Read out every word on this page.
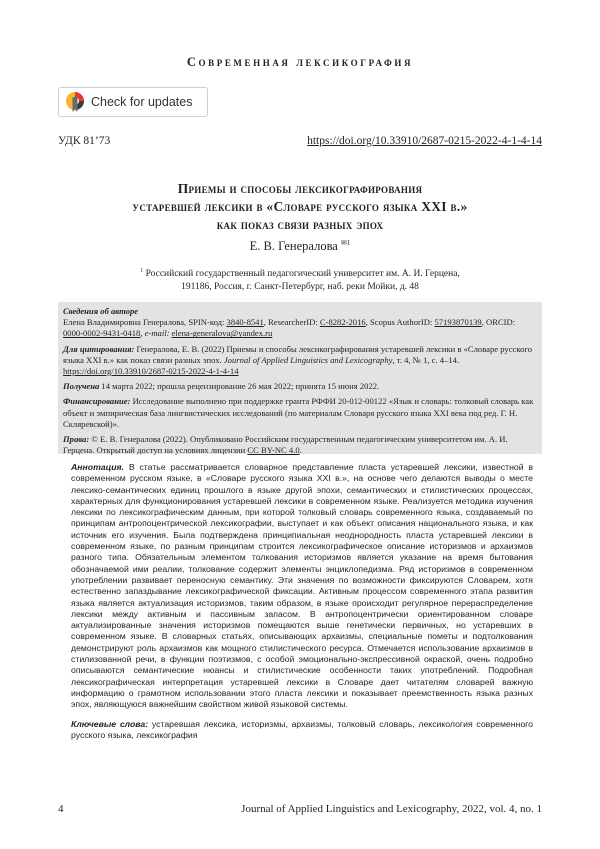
Современная лексикография
Check for updates
УДК 81’73	https://doi.org/10.33910/2687-0215-2022-4-1-4-14
Приемы и способы лексикографирования
устаревшей лексики в «Словаре русского языка XXI в.»
как показ связи разных эпох
Е. В. Генералова $^{✉1}$
$^1$ Российский государственный педагогический университет им. А. И. Герцена,
191186, Россия, г. Санкт-Петербург, наб. реки Мойки, д. 48

Сведения об авторе
Елена Владимировна Генералова, SPIN-код: 3840-8541, ResearcherID: C-8282-2016, Scopus AuthorID: 57193870139, ORCID: 0000-0002-9431-0418, e-mail: elena-generalova@yandex.ru

Для цитирования: Генералова, Е. В. (2022) Приемы и способы лексикографирования устаревшей лексики в «Словаре русского языка XXI в.» как показ связи разных эпох. Journal of Applied Linguistics and Lexicography, т. 4, № 1, с. 4–14. https://doi.org/10.33910/2687-0215-2022-4-1-4-14

Получена 14 марта 2022; прошла рецензирование 26 мая 2022; принята 15 июня 2022.

Финансирование: Исследование выполнено при поддержке гранта РФФИ 20-012-00122 «Язык и словарь: толковый словарь как объект и эмпирическая база лингвистических исследований (по материалам Словаря русского языка XXI века под ред. Г. Н. Скляревской)».

Права: © Е. В. Генералова (2022). Опубликовано Российским государственным педагогическим университетом им. А. И. Герцена. Открытый доступ на условиях лицензии CC BY-NC 4.0.

Аннотация. В статье рассматривается словарное представление пласта устаревшей лексики, известной в современном русском языке, в «Словаре русского языка XXI в.», на основе чего делаются выводы о месте лексико-семантических единиц прошлого в языке другой эпохи, семантических и стилистических процессах, характерных для функционирования устаревшей лексики в современном языке. Реализуется методика изучения лексики по лексикографическим данным, при которой толковый словарь современного языка, создаваемый по принципам антропоцентрической лексикографии, выступает и как объект описания национального языка, и как источник его изучения. Была подтверждена принципиальная неоднородность пласта устаревшей лексики в современном языке, по разным принципам строится лексикографическое описание историзмов и архаизмов разного типа. Обязательным элементом толкования историзмов является указание на время бытования обозначаемой ими реалии, толкование содержит элементы энциклопедизма. Ряд историзмов в современном употреблении развивает переносную семантику. Эти значения по возможности фиксируются Словарем, хотя естественно запаздывание лексикографической фиксации. Активным процессом современного этапа развития языка является актуализация историзмов, таким образом, в языке происходит регулярное перераспределение лексики между активным и пассивным запасом. В антропоцентрически ориентированном словаре актуализированные значения историзмов помещаются выше генетически первичных, но устаревших в современном языке. В словарных статьях, описывающих архаизмы, специальные пометы и подтолкования демонстрируют роль архаизмов как мощного стилистического ресурса. Отмечается использование архаизмов в стилизованной речи, в функции поэтизмов, с особой эмоционально-экспрессивной окраской, очень подробно описываются семантические нюансы и стилистические особенности таких употреблений. Подробная лексикографическая интерпретация устаревшей лексики в Словаре дает читателям словарей важную информацию о грамотном использовании этого пласта лексики и показывает преемственность языка разных эпох, являющуюся важнейшим свойством живой языковой системы.

Ключевые слова: устаревшая лексика, историзмы, архаизмы, толковый словарь, лексикология современного русского языка, лексикография

4	Journal of Applied Linguistics and Lexicography, 2022, vol. 4, no. 1
